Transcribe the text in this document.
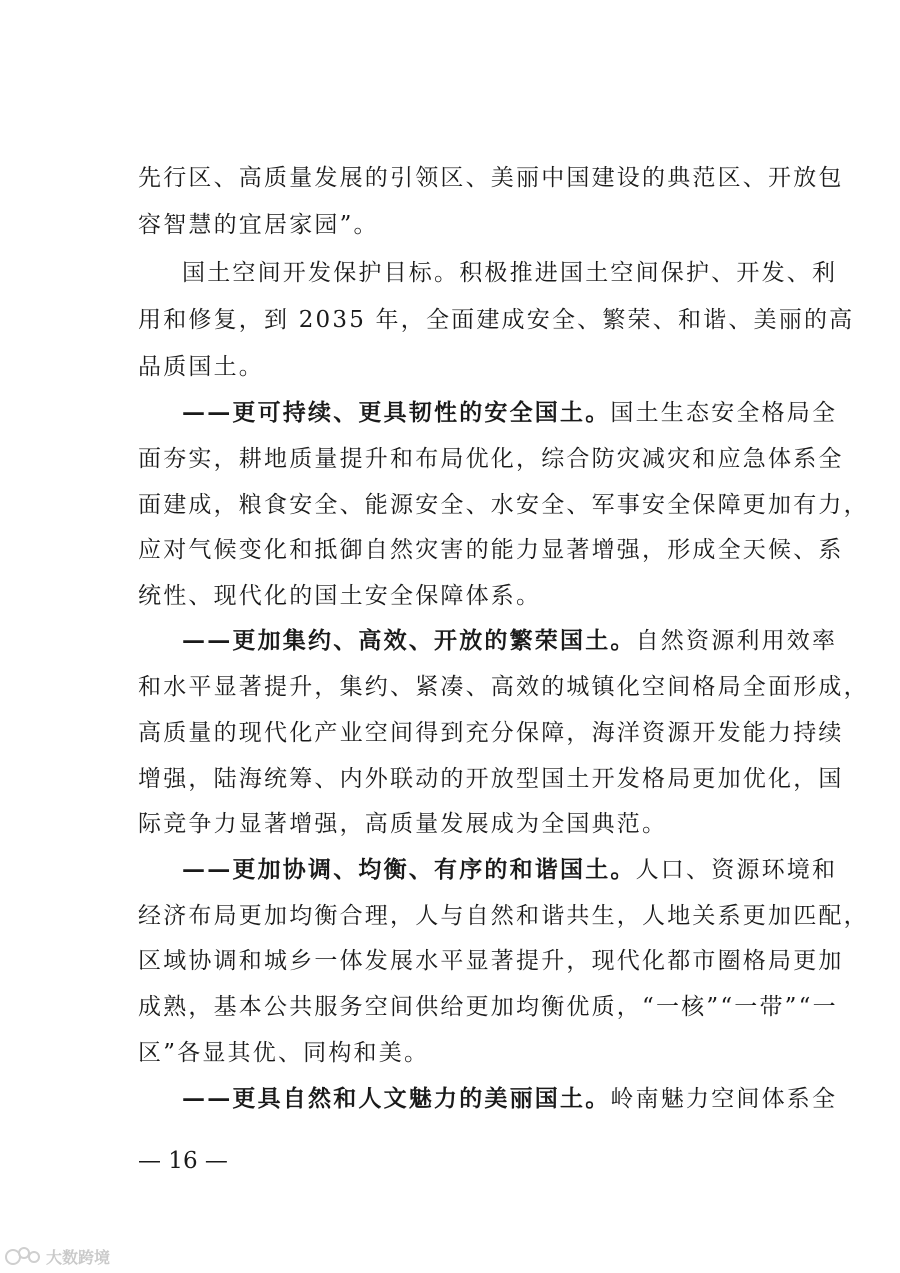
先行区、高质量发展的引领区、美丽中国建设的典范区、开放包
容智慧的宜居家园”。
国土空间开发保护目标。积极推进国土空间保护、开发、利
用和修复，到 2035 年，全面建成安全、繁荣、和谐、美丽的高
品质国土。
——更可持续、更具韧性的安全国土。国土生态安全格局全
面夯实，耕地质量提升和布局优化，综合防灾减灾和应急体系全
面建成，粮食安全、能源安全、水安全、军事安全保障更加有力，
应对气候变化和抵御自然灾害的能力显著增强，形成全天候、系
统性、现代化的国土安全保障体系。
——更加集约、高效、开放的繁荣国土。自然资源利用效率
和水平显著提升，集约、紧凑、高效的城镇化空间格局全面形成，
高质量的现代化产业空间得到充分保障，海洋资源开发能力持续
增强，陆海统筹、内外联动的开放型国土开发格局更加优化，国
际竞争力显著增强，高质量发展成为全国典范。
——更加协调、均衡、有序的和谐国土。人口、资源环境和
经济布局更加均衡合理，人与自然和谐共生，人地关系更加匹配，
区域协调和城乡一体发展水平显著提升，现代化都市圈格局更加
成熟，基本公共服务空间供给更加均衡优质，“一核”“一带”“一
区”各显其优、同构和美。
——更具自然和人文魅力的美丽国土。岭南魅力空间体系全
— 16 —
大数跨境
